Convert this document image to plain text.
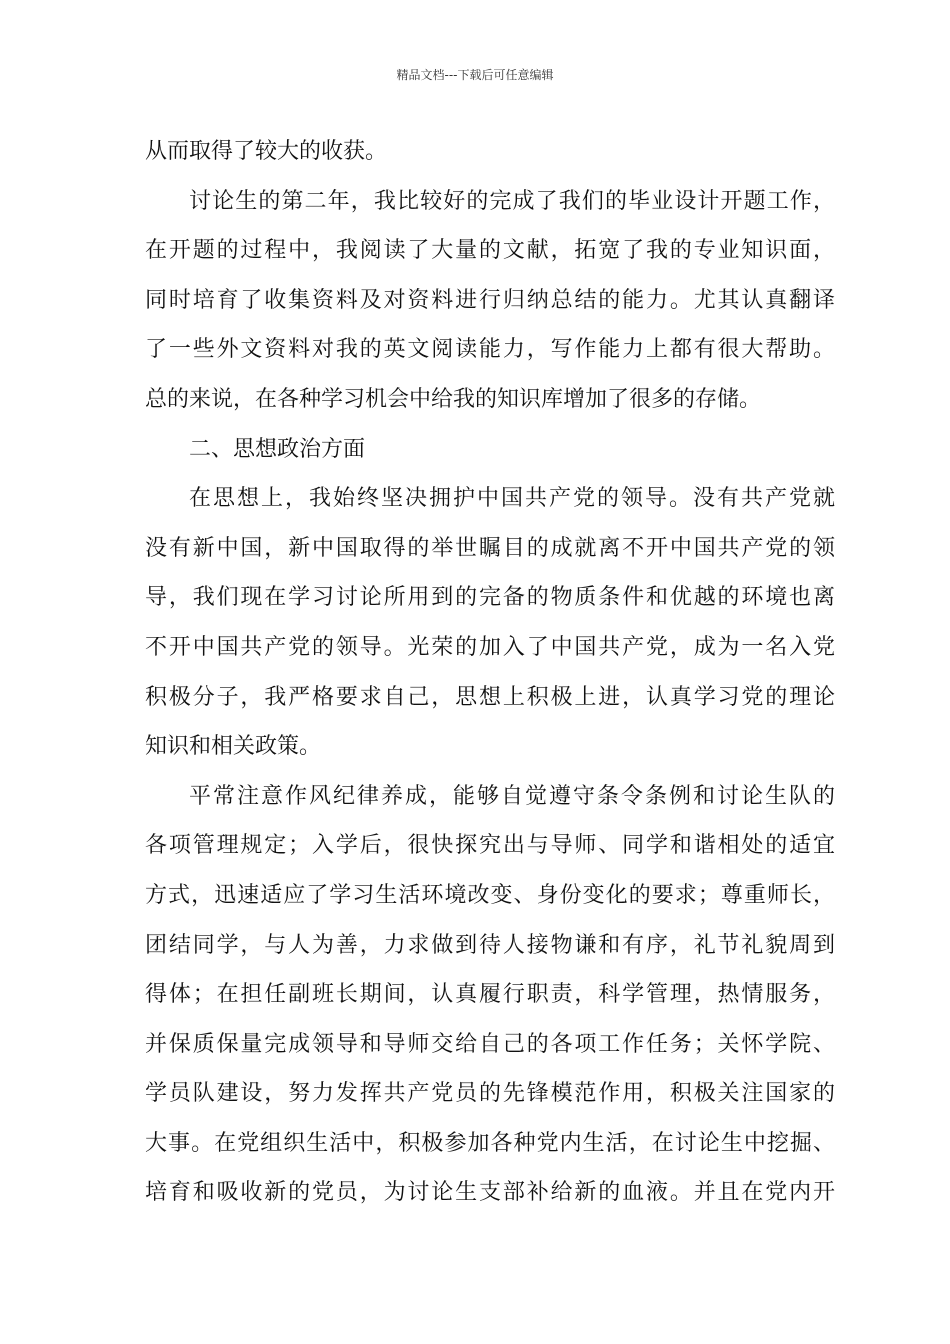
精品文档---下载后可任意编辑
从而取得了较大的收获。
讨论生的第二年，我比较好的完成了我们的毕业设计开题工作，
在开题的过程中，我阅读了大量的文献，拓宽了我的专业知识面，
同时培育了收集资料及对资料进行归纳总结的能力。尤其认真翻译
了一些外文资料对我的英文阅读能力，写作能力上都有很大帮助。
总的来说，在各种学习机会中给我的知识库增加了很多的存储。
二、思想政治方面
在思想上，我始终坚决拥护中国共产党的领导。没有共产党就
没有新中国，新中国取得的举世瞩目的成就离不开中国共产党的领
导，我们现在学习讨论所用到的完备的物质条件和优越的环境也离
不开中国共产党的领导。光荣的加入了中国共产党，成为一名入党
积极分子，我严格要求自己，思想上积极上进，认真学习党的理论
知识和相关政策。
平常注意作风纪律养成，能够自觉遵守条令条例和讨论生队的
各项管理规定；入学后，很快探究出与导师、同学和谐相处的适宜
方式，迅速适应了学习生活环境改变、身份变化的要求；尊重师长，
团结同学，与人为善，力求做到待人接物谦和有序，礼节礼貌周到
得体；在担任副班长期间，认真履行职责，科学管理，热情服务，
并保质保量完成领导和导师交给自己的各项工作任务；关怀学院、
学员队建设，努力发挥共产党员的先锋模范作用，积极关注国家的
大事。在党组织生活中，积极参加各种党内生活，在讨论生中挖掘、
培育和吸收新的党员，为讨论生支部补给新的血液。并且在党内开
